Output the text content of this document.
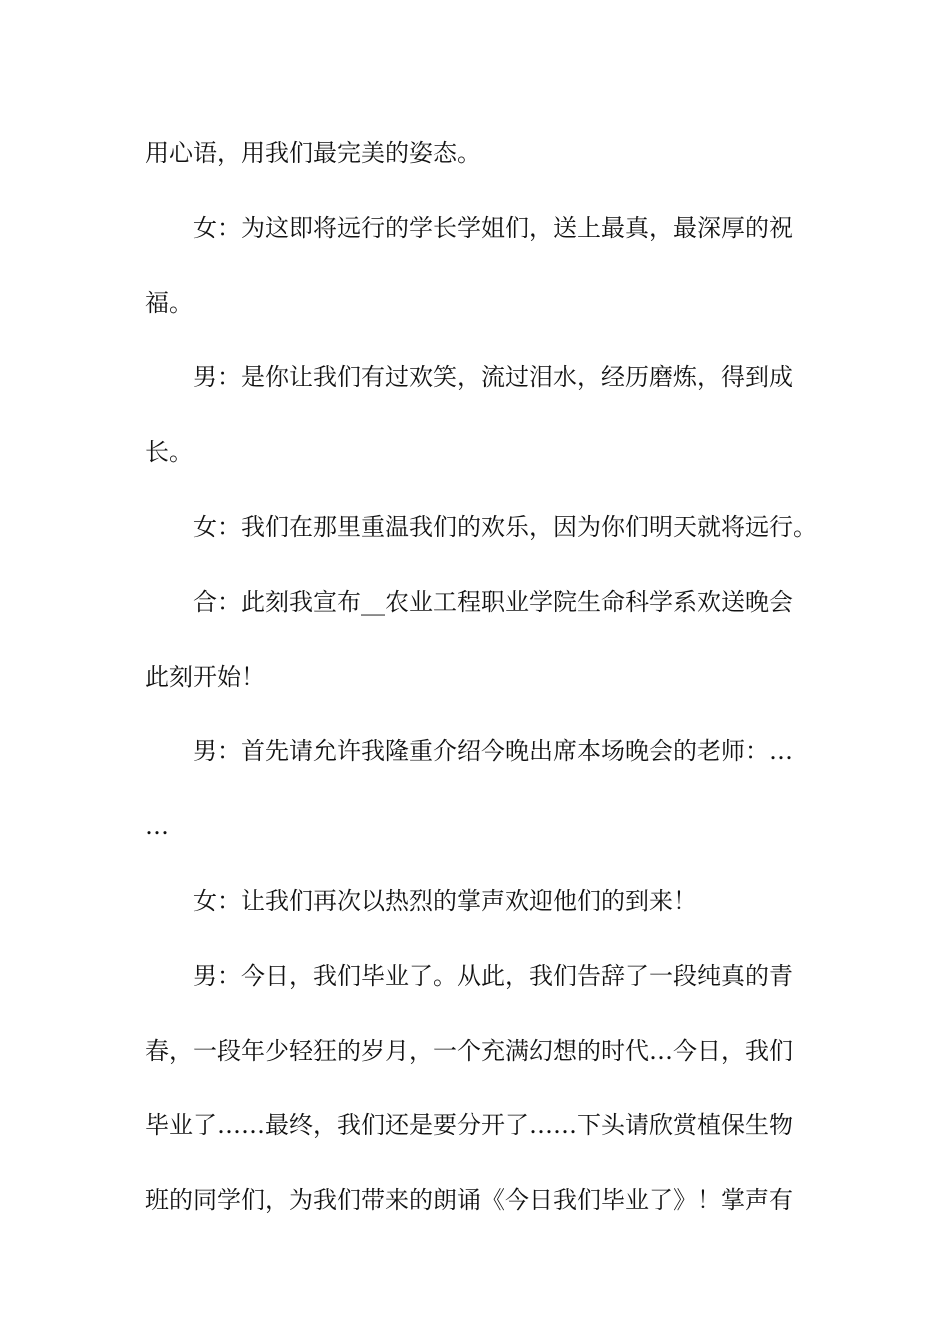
用心语，用我们最完美的姿态。
女：为这即将远行的学长学姐们，送上最真，最深厚的祝
福。
男：是你让我们有过欢笑，流过泪水，经历磨炼，得到成
长。
女：我们在那里重温我们的欢乐，因为你们明天就将远行。
合：此刻我宣布__农业工程职业学院生命科学系欢送晚会
此刻开始！
男：首先请允许我隆重介绍今晚出席本场晚会的老师：…
…
女：让我们再次以热烈的掌声欢迎他们的到来！
男：今日，我们毕业了。从此，我们告辞了一段纯真的青
春，一段年少轻狂的岁月，一个充满幻想的时代…今日，我们
毕业了……最终，我们还是要分开了……下头请欣赏植保生物
班的同学们，为我们带来的朗诵《今日我们毕业了》！掌声有
